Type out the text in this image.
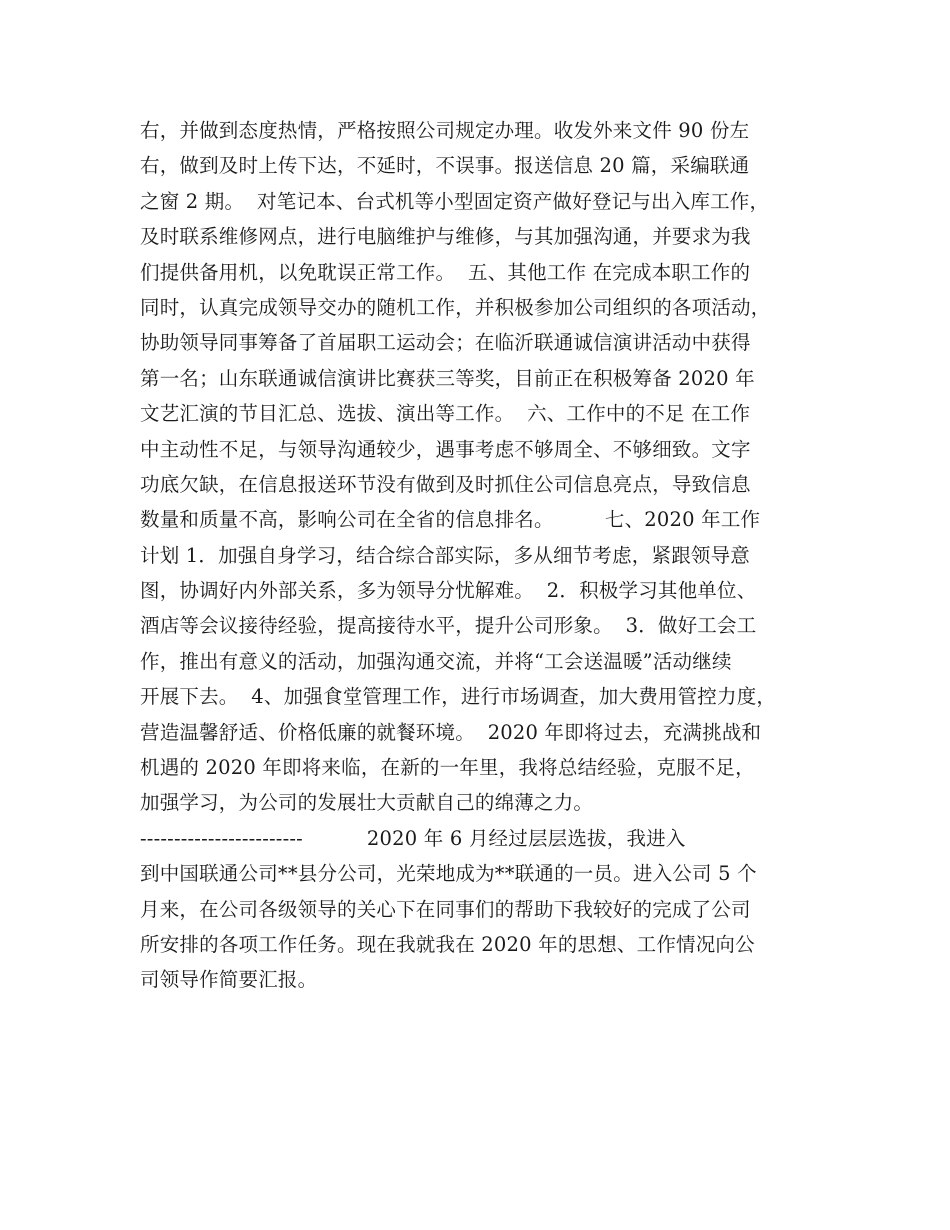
右，并做到态度热情，严格按照公司规定办理。收发外来文件 90 份左
右，做到及时上传下达，不延时，不误事。报送信息 20 篇，采编联通
之窗 2 期。  对笔记本、台式机等小型固定资产做好登记与出入库工作，
及时联系维修网点，进行电脑维护与维修，与其加强沟通，并要求为我
们提供备用机，以免耽误正常工作。  五、其他工作 在完成本职工作的
同时，认真完成领导交办的随机工作，并积极参加公司组织的各项活动，
协助领导同事筹备了首届职工运动会；在临沂联通诚信演讲活动中获得
第一名；山东联通诚信演讲比赛获三等奖，目前正在积极筹备 2020 年
文艺汇演的节目汇总、选拔、演出等工作。  六、工作中的不足 在工作
中主动性不足，与领导沟通较少，遇事考虑不够周全、不够细致。文字
功底欠缺，在信息报送环节没有做到及时抓住公司信息亮点，导致信息
数量和质量不高，影响公司在全省的信息排名。        七、2020 年工作
计划 1．加强自身学习，结合综合部实际，多从细节考虑，紧跟领导意
图，协调好内外部关系，多为领导分忧解难。  2．积极学习其他单位、
酒店等会议接待经验，提高接待水平，提升公司形象。  3．做好工会工
作，推出有意义的活动，加强沟通交流，并将“工会送温暖”活动继续
开展下去。  4、加强食堂管理工作，进行市场调查，加大费用管控力度，
营造温馨舒适、价格低廉的就餐环境。  2020 年即将过去，充满挑战和
机遇的 2020 年即将来临，在新的一年里，我将总结经验，克服不足，
加强学习，为公司的发展壮大贡献自己的绵薄之力。
------------------------          2020 年 6 月经过层层选拔，我进入
到中国联通公司**县分公司，光荣地成为**联通的一员。进入公司 5 个
月来，在公司各级领导的关心下在同事们的帮助下我较好的完成了公司
所安排的各项工作任务。现在我就我在 2020 年的思想、工作情况向公
司领导作简要汇报。
